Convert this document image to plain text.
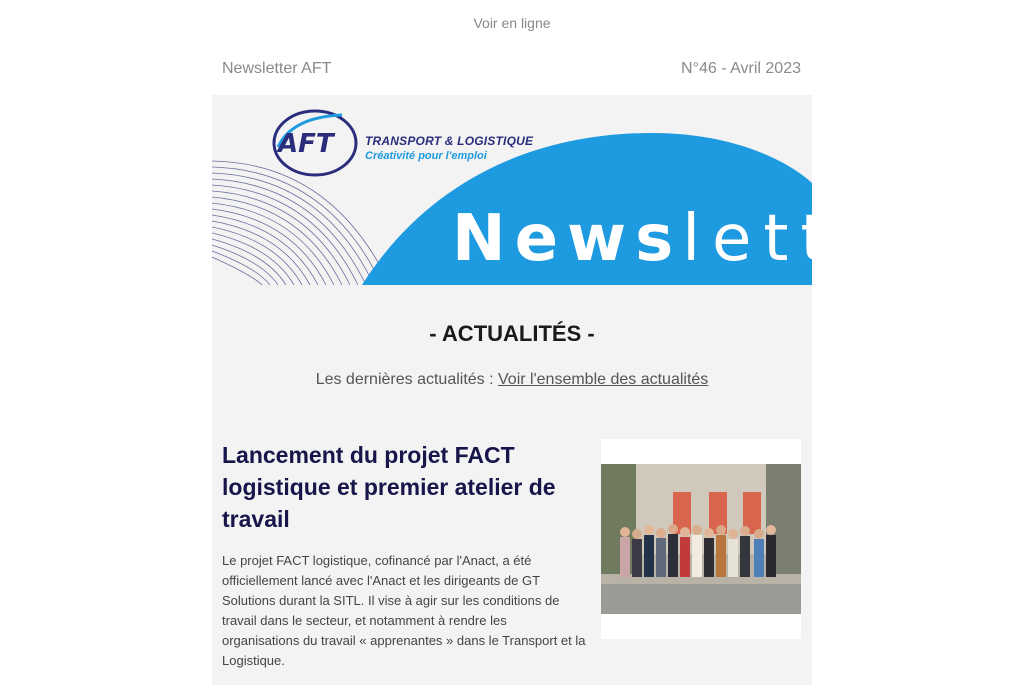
Voir en ligne
Newsletter AFT	N°46 - Avril 2023
AFT	TRANSPORT & LOGISTIQUE
Créativité pour l'emploi
Newsletter
- ACTUALITÉS -
Les dernières actualités : Voir l'ensemble des actualités
Lancement du projet FACT logistique et premier atelier de travail
Le projet FACT logistique, cofinancé par l'Anact, a été officiellement lancé avec l'Anact et les dirigeants de GT Solutions durant la SITL. Il vise à agir sur les conditions de travail dans le secteur, et notamment à rendre les organisations du travail « apprenantes » dans le Transport et la Logistique.
